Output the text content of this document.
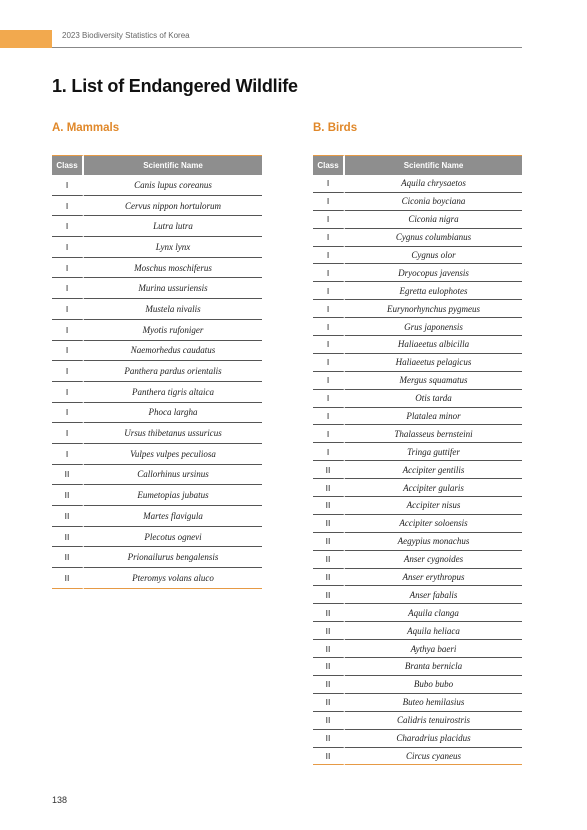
2023 Biodiversity Statistics of Korea
1. List of Endangered Wildlife
A. Mammals	B. Birds
Class	Scientific Name
I	Canis lupus coreanus
I	Cervus nippon hortulorum
I	Lutra lutra
I	Lynx lynx
I	Moschus moschiferus
I	Murina ussuriensis
I	Mustela nivalis
I	Myotis rufoniger
I	Naemorhedus caudatus
I	Panthera pardus orientalis
I	Panthera tigris altaica
I	Phoca largha
I	Ursus thibetanus ussuricus
I	Vulpes vulpes peculiosa
II	Callorhinus ursinus
II	Eumetopias jubatus
II	Martes flavigula
II	Plecotus ognevi
II	Prionailurus bengalensis
II	Pteromys volans aluco
Class	Scientific Name
I	Aquila chrysaetos
I	Ciconia boyciana
I	Ciconia nigra
I	Cygnus columbianus
I	Cygnus olor
I	Dryocopus javensis
I	Egretta eulophotes
I	Eurynorhynchus pygmeus
I	Grus japonensis
I	Haliaeetus albicilla
I	Haliaeetus pelagicus
I	Mergus squamatus
I	Otis tarda
I	Platalea minor
I	Thalasseus bernsteini
I	Tringa guttifer
II	Accipiter gentilis
II	Accipiter gularis
II	Accipiter nisus
II	Accipiter soloensis
II	Aegypius monachus
II	Anser cygnoides
II	Anser erythropus
II	Anser fabalis
II	Aquila clanga
II	Aquila heliaca
II	Aythya baeri
II	Branta bernicla
II	Bubo bubo
II	Buteo hemilasius
II	Calidris tenuirostris
II	Charadrius placidus
II	Circus cyaneus
138
